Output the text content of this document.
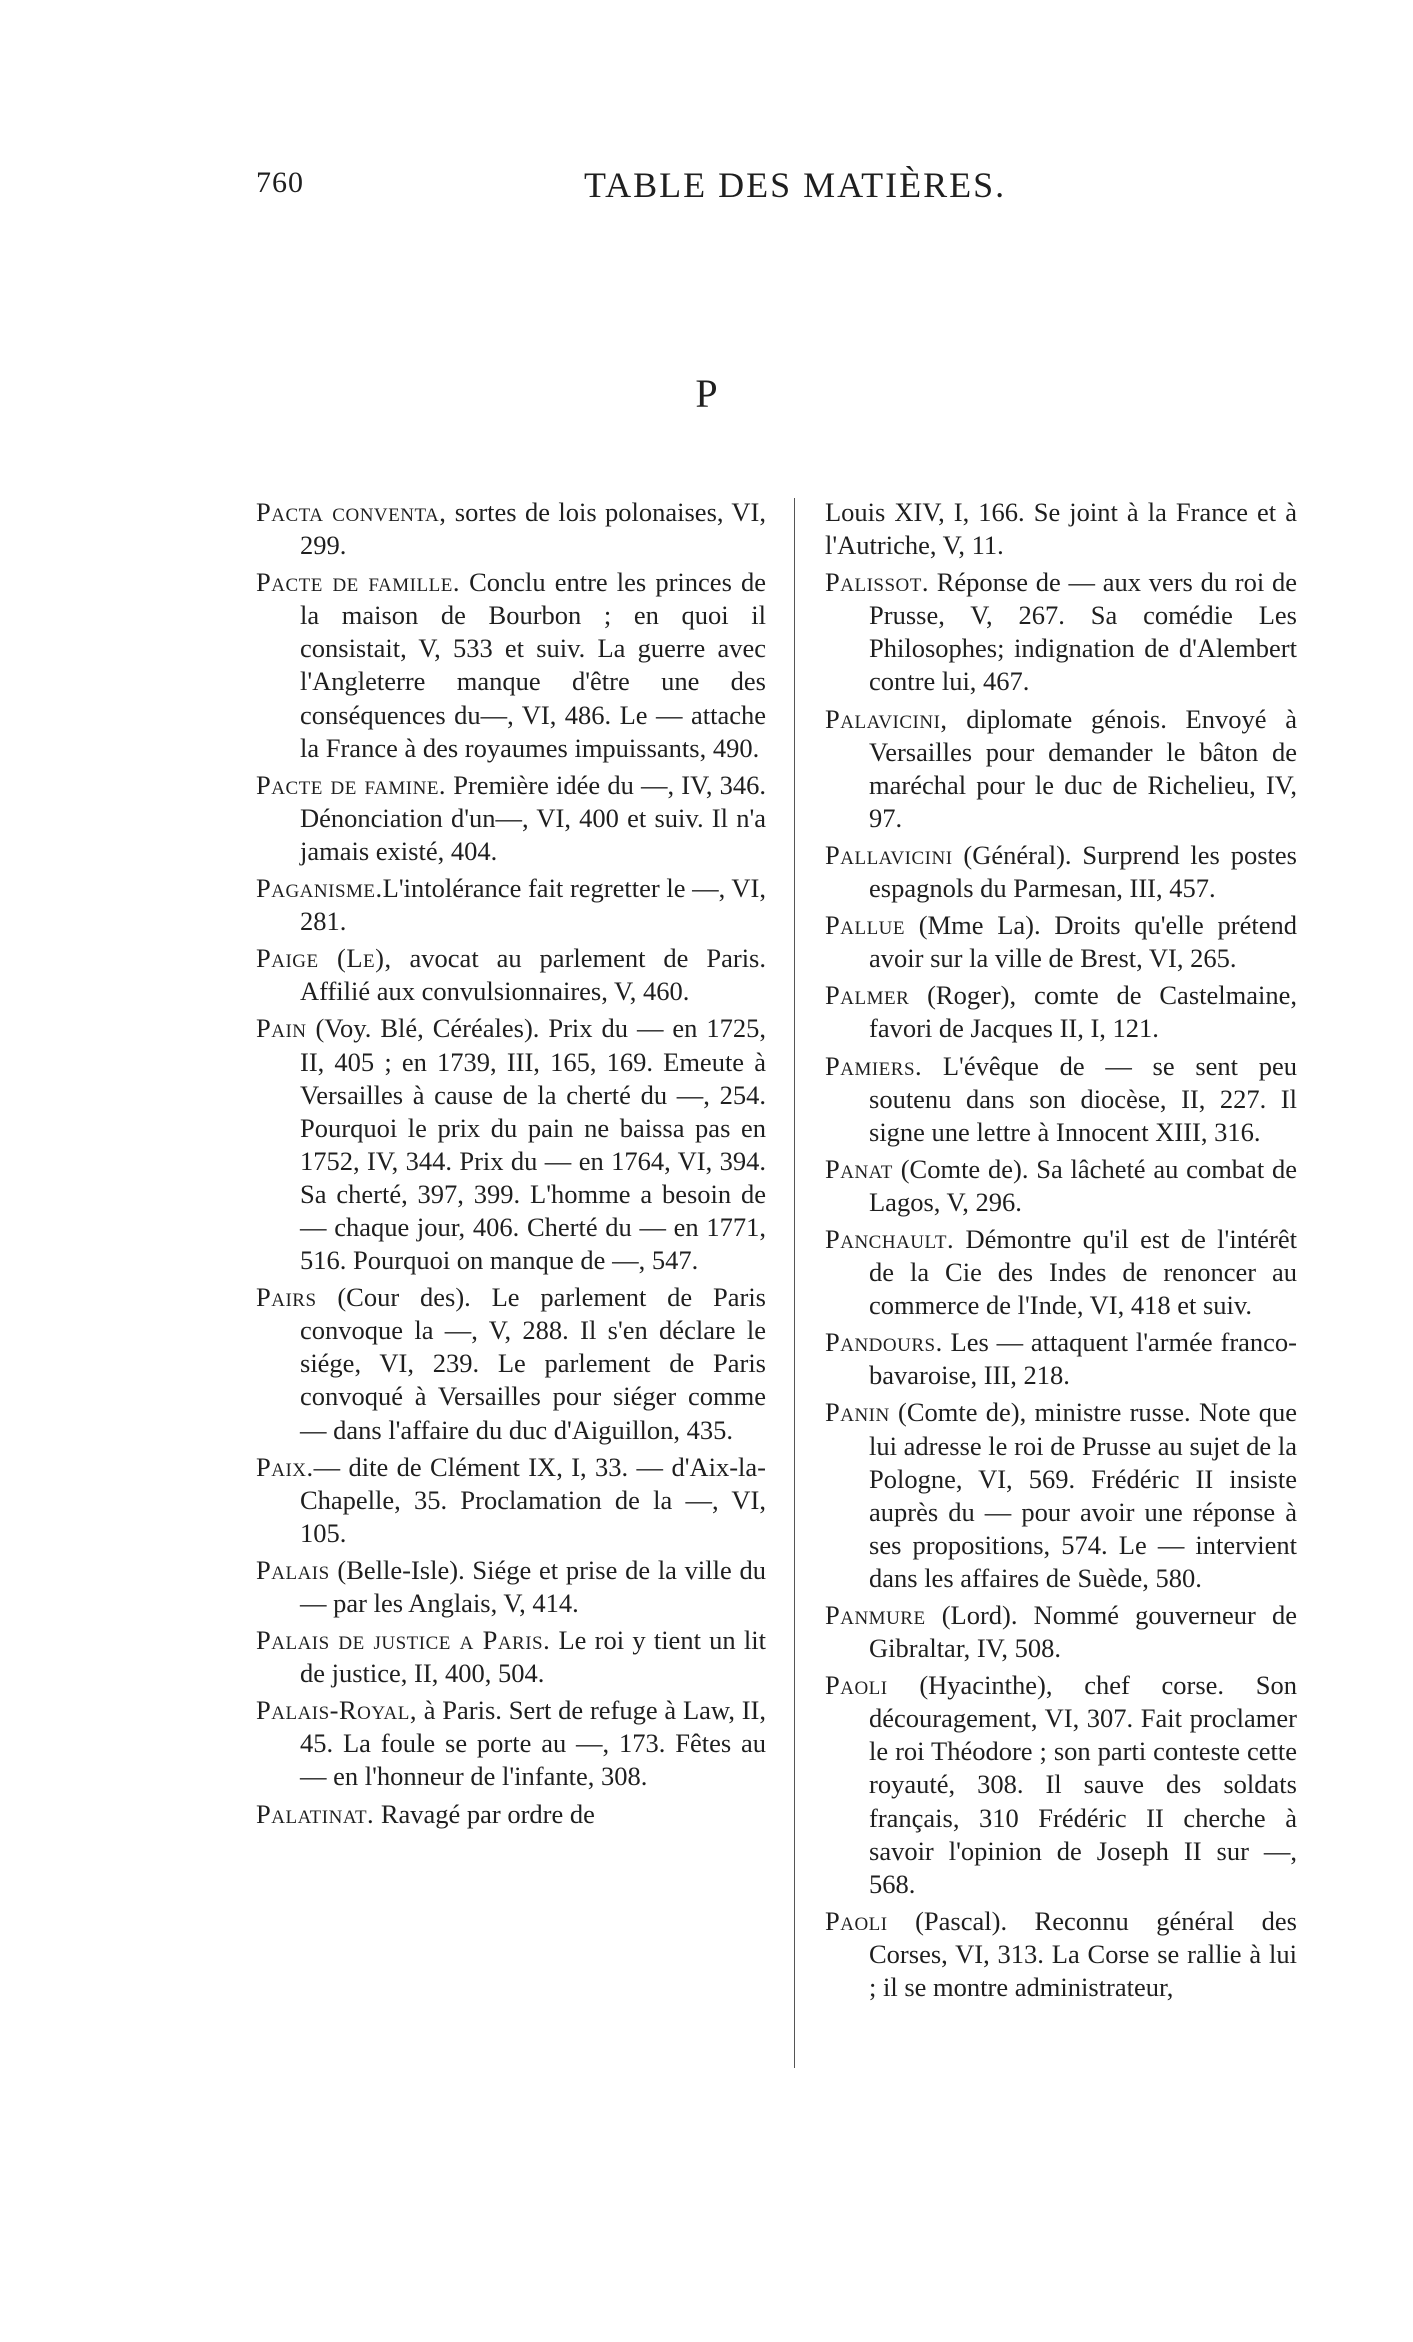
760	TABLE DES MATIÈRES.
P

Pacta conventa, sortes de lois polonaises, VI, 299.

Pacte de famille. Conclu entre les princes de la maison de Bourbon ; en quoi il consistait, V, 533 et suiv. La guerre avec l'Angleterre manque d'être une des conséquences du—, VI, 486. Le — attache la France à des royaumes impuissants, 490.

Pacte de famine. Première idée du —, IV, 346. Dénonciation d'un—, VI, 400 et suiv. Il n'a jamais existé, 404.

Paganisme.L'intolérance fait regretter le —, VI, 281.

Paige (Le), avocat au parlement de Paris. Affilié aux convulsionnaires, V, 460.

Pain (Voy. Blé, Céréales). Prix du — en 1725, II, 405 ; en 1739, III, 165, 169. Emeute à Versailles à cause de la cherté du —, 254. Pourquoi le prix du pain ne baissa pas en 1752, IV, 344. Prix du — en 1764, VI, 394. Sa cherté, 397, 399. L'homme a besoin de — chaque jour, 406. Cherté du — en 1771, 516. Pourquoi on manque de —, 547.

Pairs (Cour des). Le parlement de Paris convoque la —, V, 288. Il s'en déclare le siége, VI, 239. Le parlement de Paris convoqué à Versailles pour siéger comme — dans l'affaire du duc d'Aiguillon, 435.

Paix.— dite de Clément IX, I, 33. — d'Aix-la-Chapelle, 35. Proclamation de la —, VI, 105.

Palais (Belle-Isle). Siége et prise de la ville du — par les Anglais, V, 414.

Palais de justice a Paris. Le roi y tient un lit de justice, II, 400, 504.

Palais-Royal, à Paris. Sert de refuge à Law, II, 45. La foule se porte au —, 173. Fêtes au — en l'honneur de l'infante, 308.

Palatinat. Ravagé par ordre de

Louis XIV, I, 166. Se joint à la France et à l'Autriche, V, 11.

Palissot. Réponse de — aux vers du roi de Prusse, V, 267. Sa comédie Les Philosophes; indignation de d'Alembert contre lui, 467.

Palavicini, diplomate génois. Envoyé à Versailles pour demander le bâton de maréchal pour le duc de Richelieu, IV, 97.

Pallavicini (Général). Surprend les postes espagnols du Parmesan, III, 457.

Pallue (Mme La). Droits qu'elle prétend avoir sur la ville de Brest, VI, 265.

Palmer (Roger), comte de Castelmaine, favori de Jacques II, I, 121.

Pamiers. L'évêque de — se sent peu soutenu dans son diocèse, II, 227. Il signe une lettre à Innocent XIII, 316.

Panat (Comte de). Sa lâcheté au combat de Lagos, V, 296.

Panchault. Démontre qu'il est de l'intérêt de la Cie des Indes de renoncer au commerce de l'Inde, VI, 418 et suiv.

Pandours. Les — attaquent l'armée franco-bavaroise, III, 218.

Panin (Comte de), ministre russe. Note que lui adresse le roi de Prusse au sujet de la Pologne, VI, 569. Frédéric II insiste auprès du — pour avoir une réponse à ses propositions, 574. Le — intervient dans les affaires de Suède, 580.

Panmure (Lord). Nommé gouverneur de Gibraltar, IV, 508.

Paoli (Hyacinthe), chef corse. Son découragement, VI, 307. Fait proclamer le roi Théodore ; son parti conteste cette royauté, 308. Il sauve des soldats français, 310 Frédéric II cherche à savoir l'opinion de Joseph II sur —, 568.

Paoli (Pascal). Reconnu général des Corses, VI, 313. La Corse se rallie à lui ; il se montre administrateur,
